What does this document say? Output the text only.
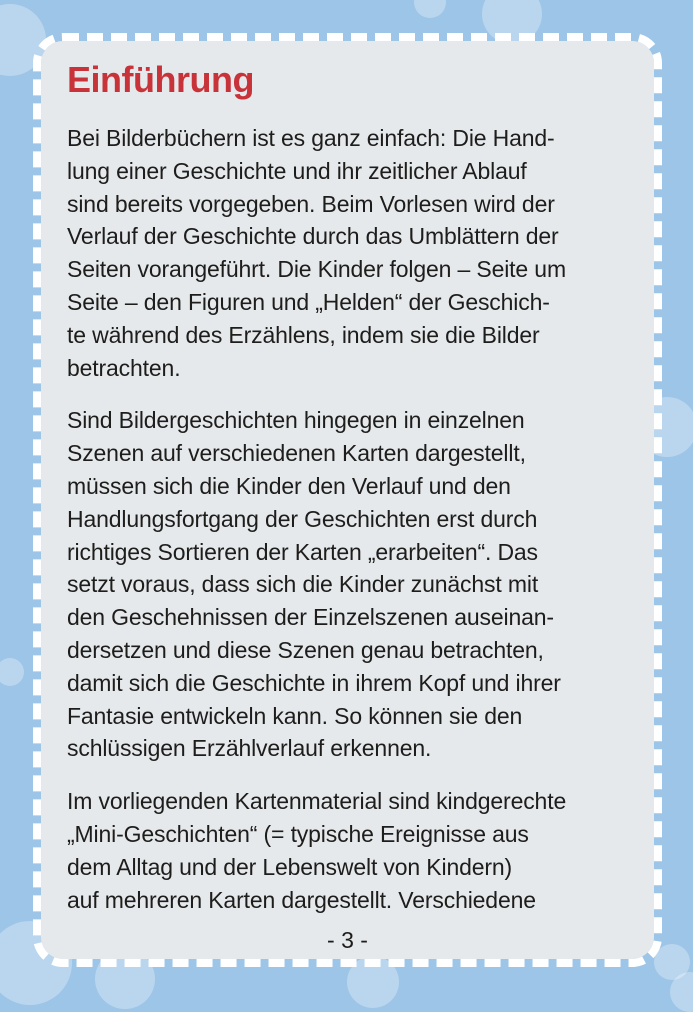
Einführung

Bei Bilderbüchern ist es ganz einfach: Die Hand-
lung einer Geschichte und ihr zeitlicher Ablauf
sind bereits vorgegeben. Beim Vorlesen wird der
Verlauf der Geschichte durch das Umblättern der
Seiten vorangeführt. Die Kinder folgen – Seite um
Seite – den Figuren und „Helden“ der Geschich-
te während des Erzählens, indem sie die Bilder
betrachten.

Sind Bildergeschichten hingegen in einzelnen
Szenen auf verschiedenen Karten dargestellt,
müssen sich die Kinder den Verlauf und den
Handlungsfortgang der Geschichten erst durch
richtiges Sortieren der Karten „erarbeiten“. Das
setzt voraus, dass sich die Kinder zunächst mit
den Geschehnissen der Einzelszenen auseinan-
dersetzen und diese Szenen genau betrachten,
damit sich die Geschichte in ihrem Kopf und ihrer
Fantasie entwickeln kann. So können sie den
schlüssigen Erzählverlauf erkennen.

Im vorliegenden Kartenmaterial sind kindgerechte
„Mini-Geschichten“ (= typische Ereignisse aus
dem Alltag und der Lebenswelt von Kindern)
auf mehreren Karten dargestellt. Verschiedene

- 3 -
